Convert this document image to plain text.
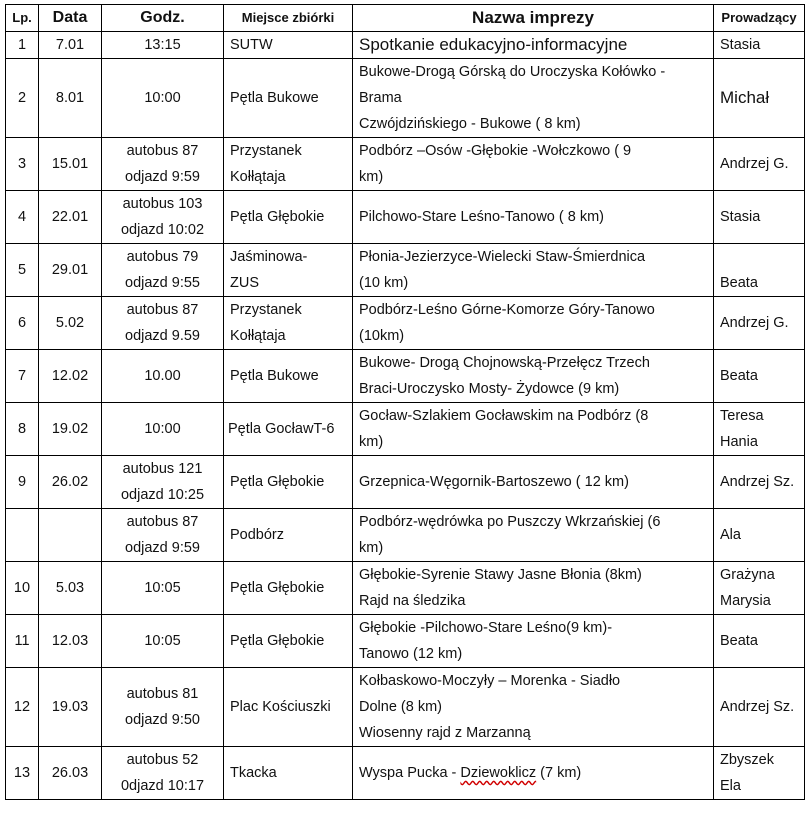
Lp.	Data	Godz.	Miejsce zbiórki	Nazwa imprezy	Prowadzący
1	7.01	13:15	SUTW	Spotkanie edukacyjno-informacyjne	Stasia

2	8.01	10:00	Pętla Bukowe	Bukowe-Drogą Górską do Uroczyska Kołówko -
Brama
Czwójdzińskiego - Bukowe ( 8 km)	Michał

3	15.01	autobus 87
odjazd 9:59	Przystanek
Kołłątaja	Podbórz –Osów -Głębokie -Wołczkowo ( 9
km)	Andrzej G.

4	22.01	autobus 103
odjazd 10:02	Pętla Głębokie	Pilchowo-Stare Leśno-Tanowo ( 8 km)	Stasia

5	29.01	autobus 79
odjazd 9:55	Jaśminowa-
ZUS	Płonia-Jezierzyce-Wielecki Staw-Śmierdnica
(10 km)	Beata

6	5.02	autobus 87
odjazd 9.59	Przystanek
Kołłątaja	Podbórz-Leśno Górne-Komorze Góry-Tanowo
(10km)	Andrzej G.

7	12.02	10.00	Pętla Bukowe	Bukowe- Drogą Chojnowską-Przełęcz Trzech
Braci-Uroczysko Mosty- Żydowce (9 km)	Beata

8	19.02	10:00	Pętla GocławT-6	Gocław-Szlakiem Gocławskim na Podbórz (8
km)	Teresa
Hania

9	26.02	autobus 121
odjazd 10:25	Pętla Głębokie	Grzepnica-Węgornik-Bartoszewo ( 12 km)	Andrzej Sz.

		autobus 87
odjazd 9:59	Podbórz	Podbórz-wędrówka po Puszczy Wkrzańskiej (6
km)	Ala

10	5.03	10:05	Pętla Głębokie	Głębokie-Syrenie Stawy Jasne Błonia (8km)
Rajd na śledzika	Grażyna
Marysia

11	12.03	10:05	Pętla Głębokie	Głębokie -Pilchowo-Stare Leśno(9 km)-
Tanowo (12 km)	Beata

12	19.03	autobus 81
odjazd 9:50	Plac Kościuszki	Kołbaskowo-Moczyły – Morenka - Siadło
Dolne (8 km)
Wiosenny rajd z Marzanną	Andrzej Sz.

13	26.03	autobus 52
0djazd 10:17	Tkacka	Wyspa Pucka - Dziewoklicz (7 km)	Zbyszek
Ela
